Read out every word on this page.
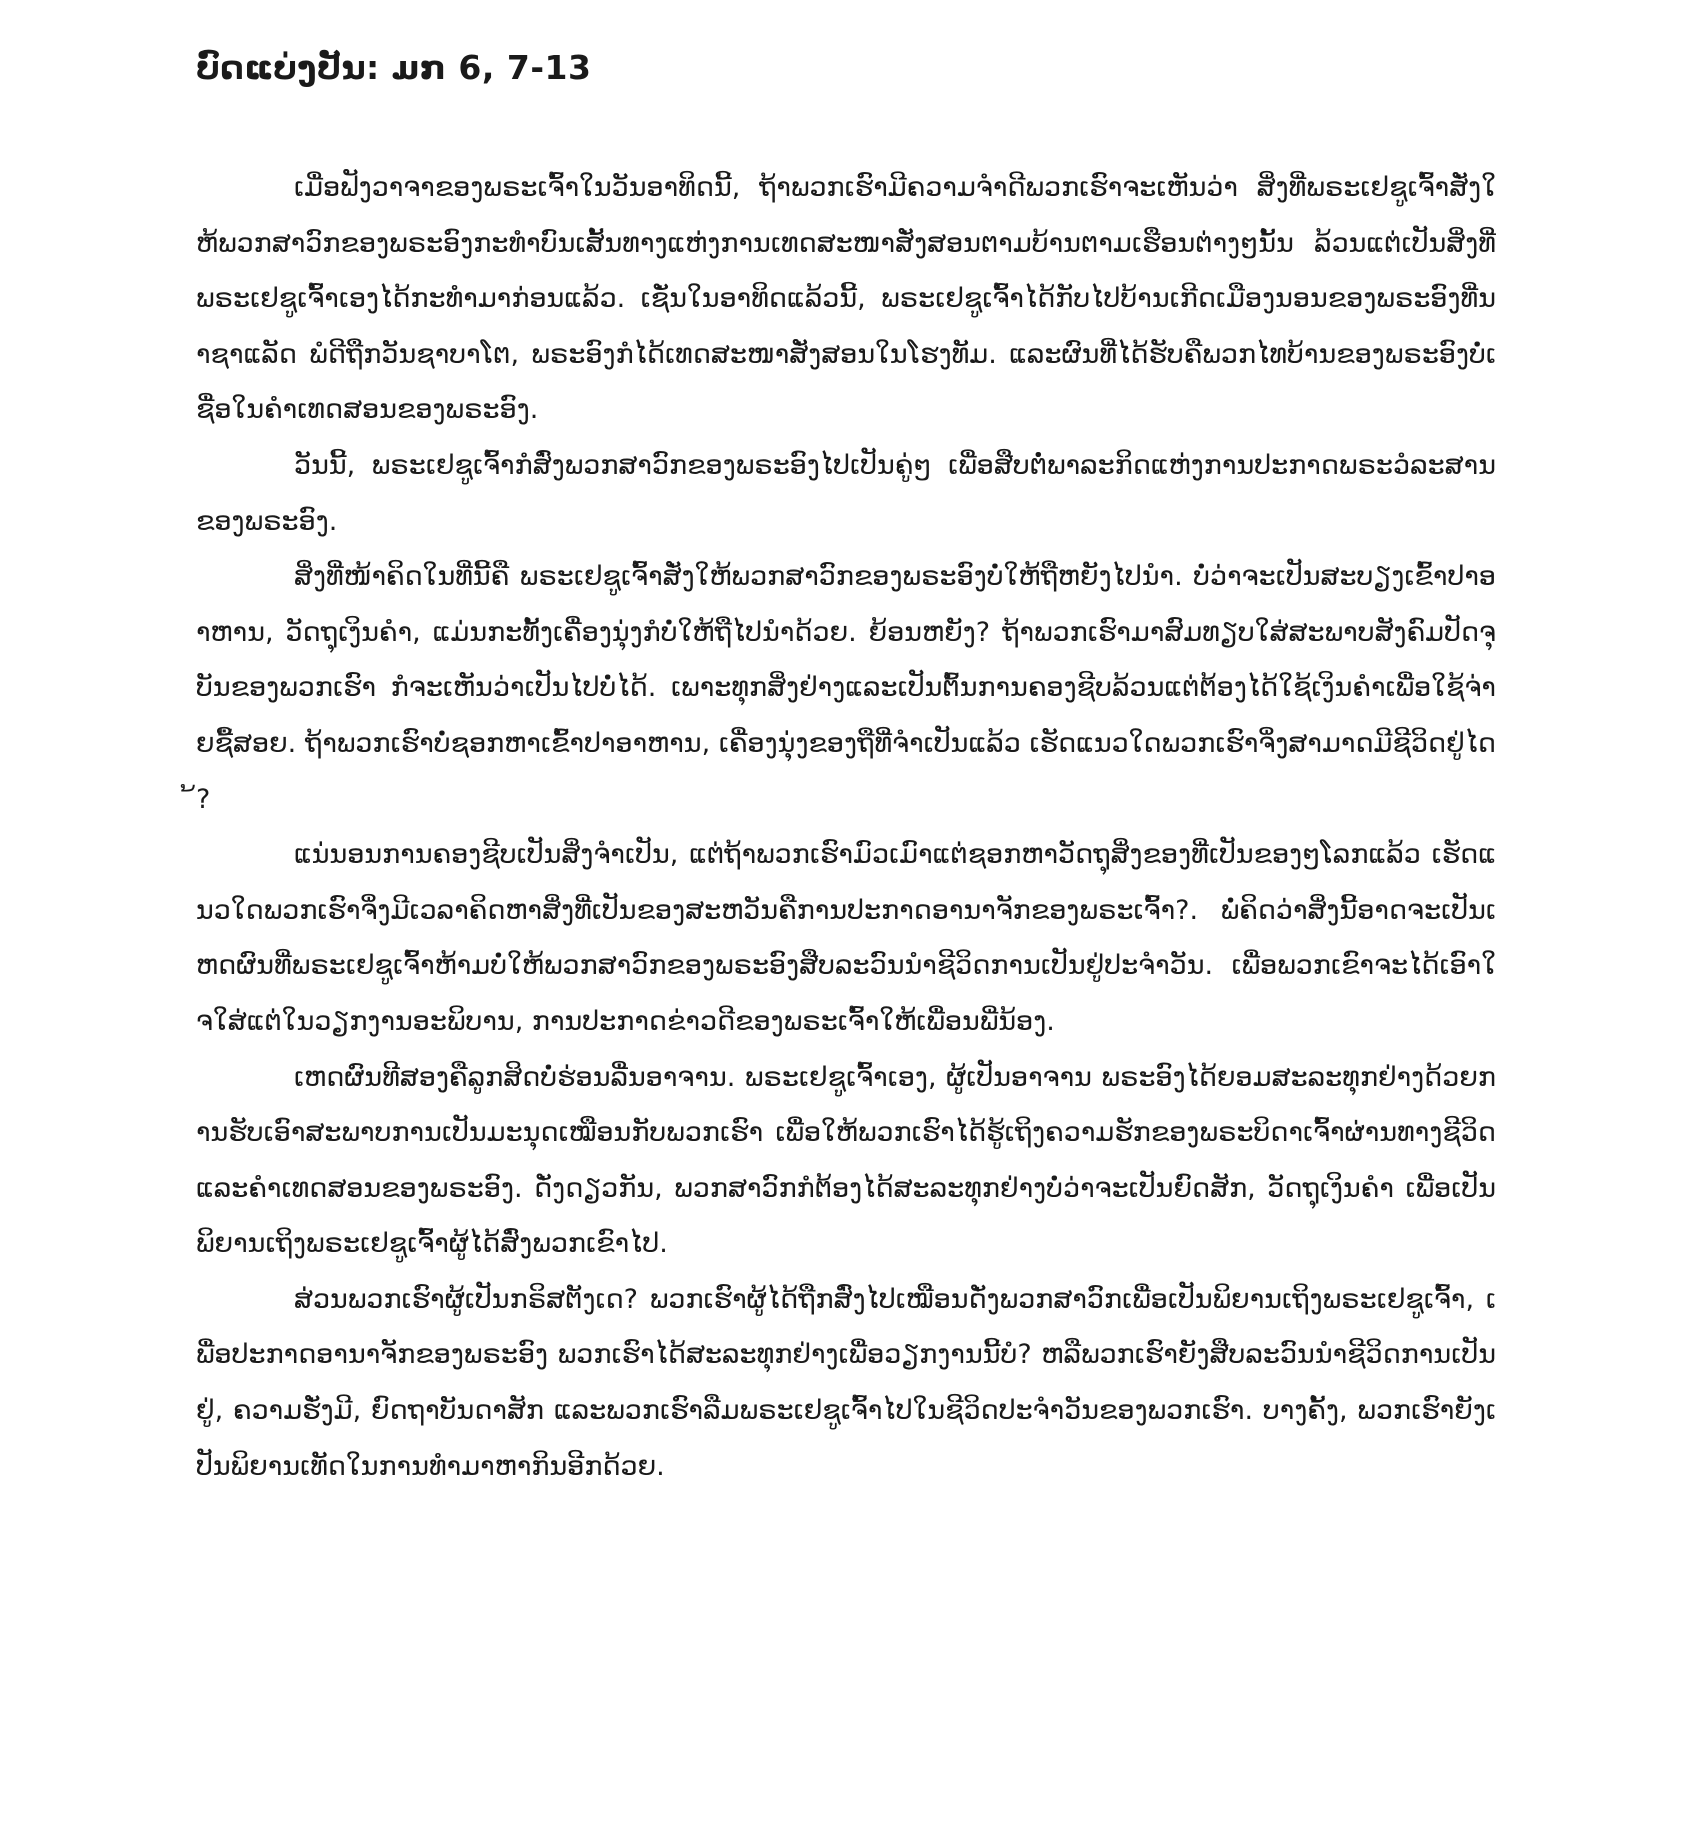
ບົດແບ່ງປັນ: ມກ 6, 7-13

ເມື່ອຟັງວາຈາຂອງພຣະເຈົ້າໃນວັນອາທິດນີ້, ຖ້າພວກເຮົາມີຄວາມຈຳດີພວກເຮົາຈະເຫັນວ່າ ສິ່ງທີ່ພຣະເຢຊູເຈົ້າສັ່ງໃຫ້ພວກສາວົກຂອງພຣະອົງກະທຳບົນເສັ້ນທາງແຫ່ງການເທດສະໜາສັ່ງສອນຕາມບ້ານຕາມເຮືອນຕ່າງໆນັ້ນ ລ້ວນແຕ່ເປັນສິ່ງທີ່ພຣະເຢຊູເຈົ້າເອງໄດ້ກະທຳມາກ່ອນແລ້ວ. ເຊັ່ນໃນອາທິດແລ້ວນີ້, ພຣະເຢຊູເຈົ້າໄດ້ກັບໄປບ້ານເກີດເມືອງນອນຂອງພຣະອົງທີ່ນາຊາແລັດ ພໍດີຖືກວັນຊາບາໂຕ, ພຣະອົງກໍໄດ້ເທດສະໜາສັ່ງສອນໃນໂຮງທັມ. ແລະຜົນທີ່ໄດ້ຮັບຄືພວກໄທບ້ານຂອງພຣະອົງບໍ່ເຊື່ອໃນຄຳເທດສອນຂອງພຣະອົງ.

ວັນນີ້, ພຣະເຢຊູເຈົ້າກໍສົ່ງພວກສາວົກຂອງພຣະອົງໄປເປັນຄູ່ໆ ເພື່ອສືບຕໍ່ພາລະກິດແຫ່ງການປະກາດພຣະວໍລະສານຂອງພຣະອົງ.

ສິ່ງທີ່ໜ້າຄິດໃນທີ່ນີ້ຄື ພຣະເຢຊູເຈົ້າສັ່ງໃຫ້ພວກສາວົກຂອງພຣະອົງບໍ່ໃຫ້ຖືຫຍັງໄປນຳ. ບໍ່ວ່າຈະເປັນສະບຽງເຂົ້າປາອາຫານ, ວັດຖຸເງິນຄຳ, ແມ່ນກະທັ້ງເຄື່ອງນຸ່ງກໍບໍ່ໃຫ້ຖືໄປນຳດ້ວຍ. ຍ້ອນຫຍັງ? ຖ້າພວກເຮົາມາສົມທຽບໃສ່ສະພາບສັງຄົມປັດຈຸບັນຂອງພວກເຮົາ ກໍຈະເຫັນວ່າເປັນໄປບໍ່ໄດ້. ເພາະທຸກສິ່ງຢ່າງແລະເປັນຕົ້ນການຄອງຊີບລ້ວນແຕ່ຕ້ອງໄດ້ໃຊ້ເງິນຄຳເພື່ອໃຊ້ຈ່າຍຊື້ສອຍ. ຖ້າພວກເຮົາບໍ່ຊອກຫາເຂົ້າປາອາຫານ, ເຄື່ອງນຸ່ງຂອງຖືທີ່ຈຳເປັນແລ້ວ ເຮັດແນວໃດພວກເຮົາຈິ່ງສາມາດມີຊີວິດຢູ່ໄດ້?

ແນ່ນອນການຄອງຊີບເປັນສິ່ງຈຳເປັນ, ແຕ່ຖ້າພວກເຮົາມົວເມົາແຕ່ຊອກຫາວັດຖຸສິ່ງຂອງທີ່ເປັນຂອງໆໂລກແລ້ວ ເຮັດແນວໃດພວກເຮົາຈິ່ງມີເວລາຄິດຫາສິ່ງທີ່ເປັນຂອງສະຫວັນຄືການປະກາດອານາຈັກຂອງພຣະເຈົ້າ?. ພໍ່ຄິດວ່າສິ່ງນີ້ອາດຈະເປັນເຫດຜົນທີ່ພຣະເຢຊູເຈົ້າຫ້າມບໍ່ໃຫ້ພວກສາວົກຂອງພຣະອົງສືບລະວົນນຳຊີວິດການເປັນຢູ່ປະຈຳວັນ. ເພື່ອພວກເຂົາຈະໄດ້ເອົາໃຈໃສ່ແຕ່ໃນວຽກງານອະພິບານ, ການປະກາດຂ່າວດີຂອງພຣະເຈົ້າໃຫ້ເພື່ອນພີ່ນ້ອງ.

ເຫດຜົນທີສອງຄືລູກສິດບໍ່ຮ່ອນລື່ນອາຈານ. ພຣະເຢຊູເຈົ້າເອງ, ຜູ້ເປັນອາຈານ ພຣະອົງໄດ້ຍອມສະລະທຸກຢ່າງດ້ວຍການຮັບເອົາສະພາບການເປັນມະນຸດເໝືອນກັບພວກເຮົາ ເພື່ອໃຫ້ພວກເຮົາໄດ້ຮູ້ເຖິງຄວາມຮັກຂອງພຣະບິດາເຈົ້າຜ່ານທາງຊີວິດແລະຄຳເທດສອນຂອງພຣະອົງ. ດັ່ງດຽວກັນ, ພວກສາວົກກໍຕ້ອງໄດ້ສະລະທຸກຢ່າງບໍ່ວ່າຈະເປັນຍົດສັກ, ວັດຖຸເງິນຄຳ ເພື່ອເປັນພິຍານເຖິງພຣະເຢຊູເຈົ້າຜູ້ໄດ້ສົ່ງພວກເຂົາໄປ.

ສ່ວນພວກເຮົາຜູ້ເປັນກຣິສຕັງເດ? ພວກເຮົາຜູ້ໄດ້ຖືກສົ່ງໄປເໝືອນດັ່ງພວກສາວົກເພື່ອເປັນພິຍານເຖິງພຣະເຢຊູເຈົ້າ, ເພື່ອປະກາດອານາຈັກຂອງພຣະອົງ ພວກເຮົາໄດ້ສະລະທຸກຢ່າງເພື່ອວຽກງານນີ້ບໍ? ຫລືພວກເຮົາຍັງສືບລະວົນນຳຊີວິດການເປັນຢູ່, ຄວາມຮັ່ງມີ, ຍົດຖາບັນດາສັກ ແລະພວກເຮົາລືມພຣະເຢຊູເຈົ້າໄປໃນຊີວິດປະຈຳວັນຂອງພວກເຮົາ. ບາງຄັ້ງ, ພວກເຮົາຍັງເປັນພິຍານເທັດໃນການທຳມາຫາກິນອີກດ້ວຍ.
